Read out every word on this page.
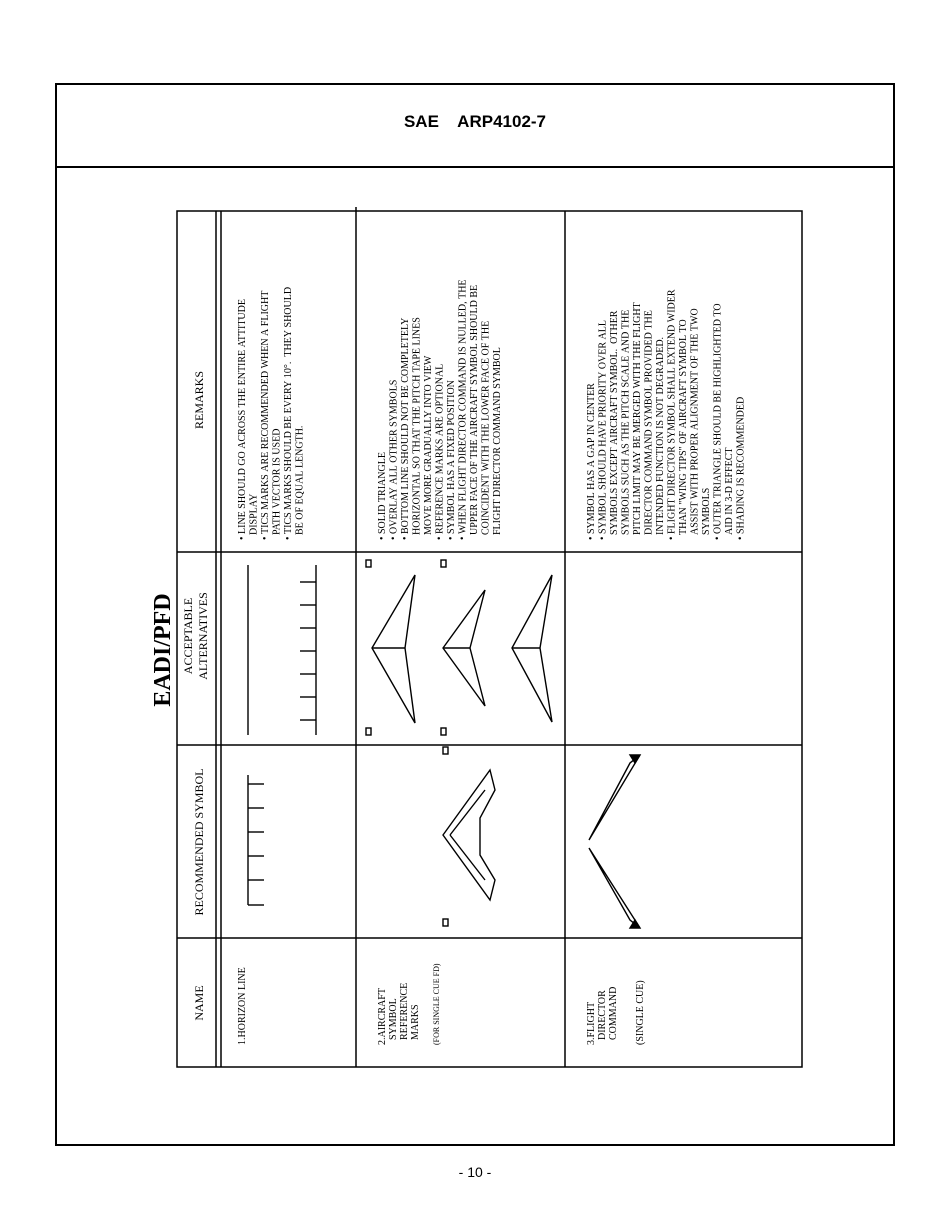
SAE    ARP4102-7
EADI/PFD
NAME
RECOMMENDED SYMBOL
ACCEPTABLE ALTERNATIVES
REMARKS
1.HORIZON LINE
• LINE SHOULD GO ACROSS THE ENTIRE ATTITUDE DISPLAY • TICS MARKS ARE RECOMMENDED WHEN A FLIGHT PATH VECTOR IS USED • TICS MARKS SHOULD BE EVERY 10°.  THEY SHOULD BE OF EQUAL LENGTH.
2.AIRCRAFT SYMBOL REFERENCE MARKS (FOR SINGLE CUE FD)
• SOLID TRIANGLE • OVERLAY ALL OTHER SYMBOLS • BOTTOM LINE SHOULD NOT BE COMPLETELY HORIZONTAL SO THAT THE PITCH TAPE LINES MOVE MORE GRADUALLY INTO VIEW • REFERENCE MARKS ARE OPTIONAL • SYMBOL HAS A FIXED POSITION • WHEN FLIGHT DIRECTOR COMMAND IS NULLED, THE UPPER FACE OF THE AIRCRAFT SYMBOL SHOULD BE COINCIDENT WITH THE LOWER FACE OF THE FLIGHT DIRECTOR COMMAND SYMBOL
3.FLIGHT DIRECTOR COMMAND (SINGLE CUE)
• SYMBOL HAS A GAP IN CENTER • SYMBOL SHOULD HAVE PRIORITY OVER ALL SYMBOLS EXCEPT AIRCRAFT SYMBOL.  OTHER SYMBOLS SUCH AS THE PITCH SCALE AND THE PITCH LIMIT MAY BE MERGED WITH THE FLIGHT DIRECTOR COMMAND SYMBOL PROVIDED THE INTENDED FUNCTION IS NOT DEGRADED. • FLIGHT DIRECTOR SYMBOL SHALL EXTEND WIDER THAN "WING TIPS" OF AIRCRAFT SYMBOL TO ASSIST WITH PROPER ALIGNMENT OF THE TWO SYMBOLS • OUTER TRIANGLE SHOULD BE HIGHLIGHTED TO AID IN 3-D EFFECT • SHADING IS RECOMMENDED
- 10 -
